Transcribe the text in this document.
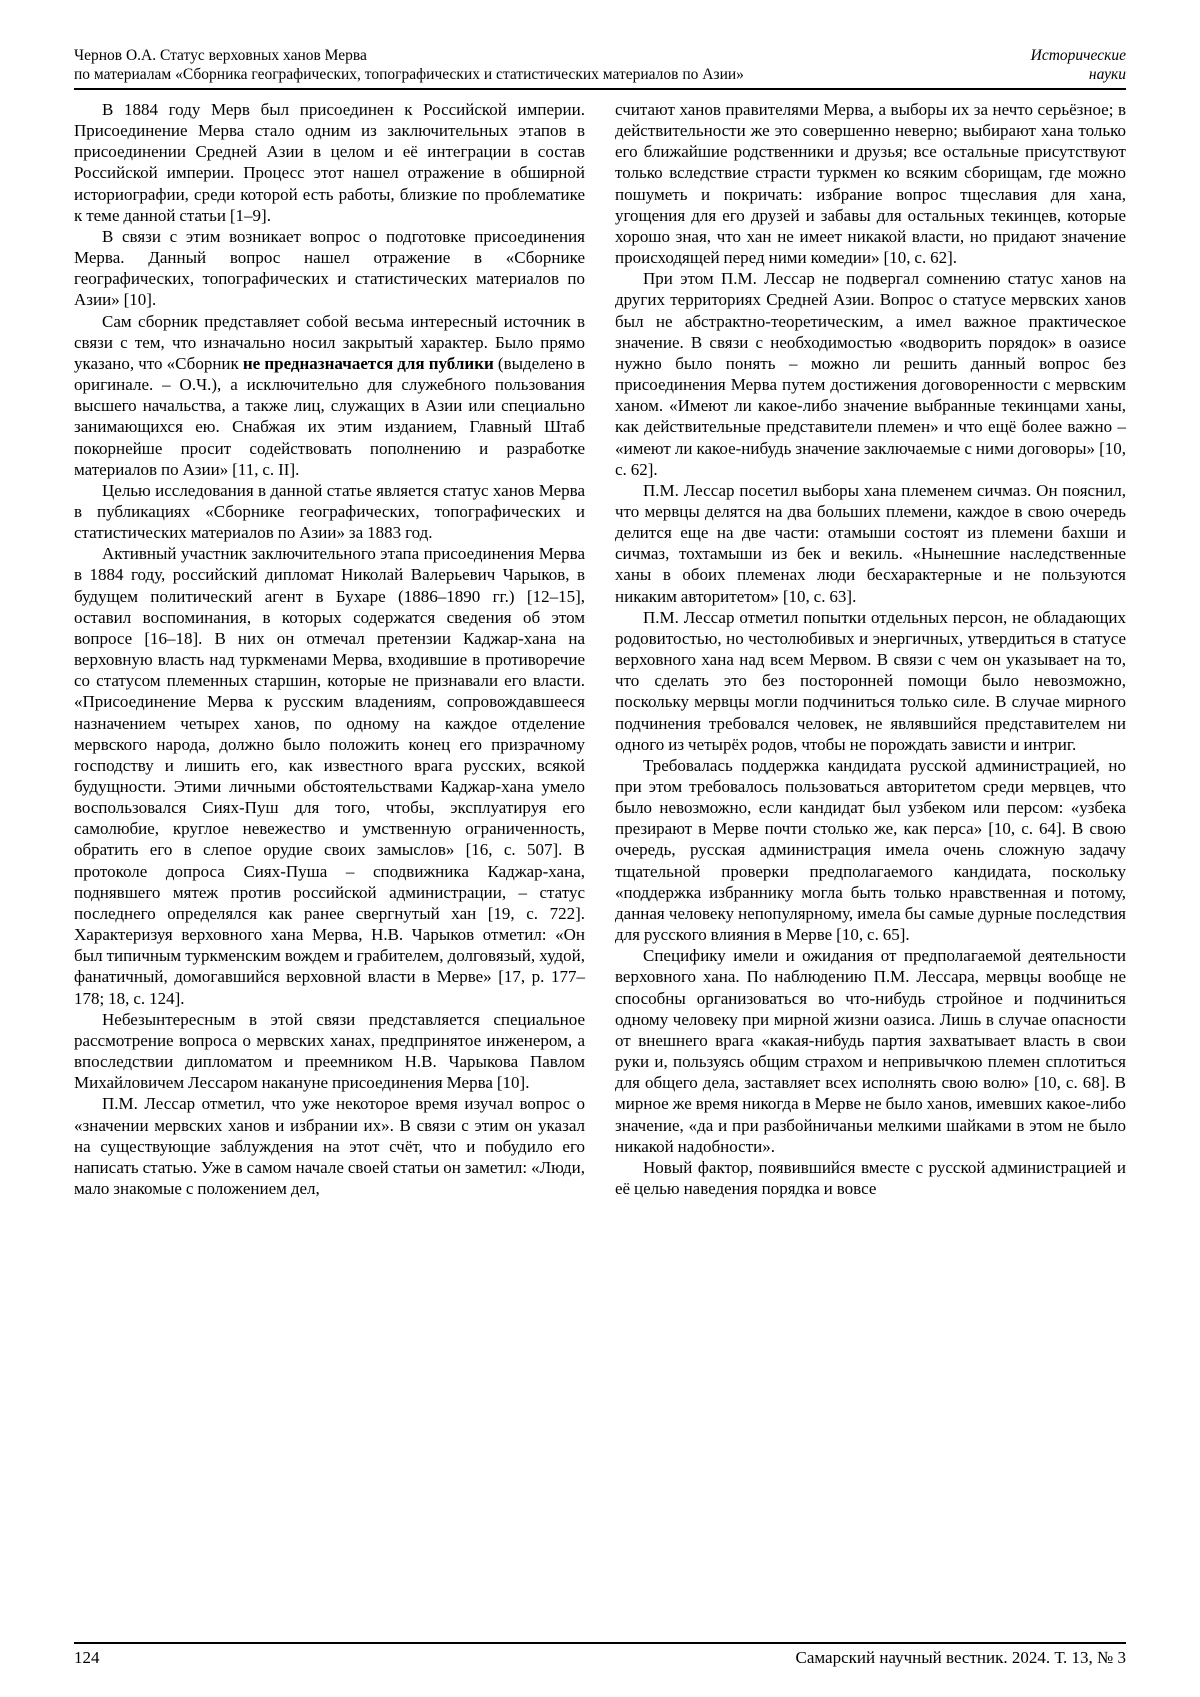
Чернов О.А. Статус верховных ханов Мерва
по материалам «Сборника географических, топографических и статистических материалов по Азии»
Исторические
науки

В 1884 году Мерв был присоединен к Российской империи. Присоединение Мерва стало одним из заключительных этапов в присоединении Средней Азии в целом и её интеграции в состав Российской империи. Процесс этот нашел отражение в обширной историографии, среди которой есть работы, близкие по проблематике к теме данной статьи [1–9].

В связи с этим возникает вопрос о подготовке присоединения Мерва. Данный вопрос нашел отражение в «Сборнике географических, топографических и статистических материалов по Азии» [10].

Сам сборник представляет собой весьма интересный источник в связи с тем, что изначально носил закрытый характер. Было прямо указано, что «Сборник не предназначается для публики (выделено в оригинале. – О.Ч.), а исключительно для служебного пользования высшего начальства, а также лиц, служащих в Азии или специально занимающихся ею. Снабжая их этим изданием, Главный Штаб покорнейше просит содействовать пополнению и разработке материалов по Азии» [11, с. II].

Целью исследования в данной статье является статус ханов Мерва в публикациях «Сборнике географических, топографических и статистических материалов по Азии» за 1883 год.

Активный участник заключительного этапа присоединения Мерва в 1884 году, российский дипломат Николай Валерьевич Чарыков, в будущем политический агент в Бухаре (1886–1890 гг.) [12–15], оставил воспоминания, в которых содержатся сведения об этом вопросе [16–18]. В них он отмечал претензии Каджар-хана на верховную власть над туркменами Мерва, входившие в противоречие со статусом племенных старшин, которые не признавали его власти. «Присоединение Мерва к русским владениям, сопровождавшееся назначением четырех ханов, по одному на каждое отделение мервского народа, должно было положить конец его призрачному господству и лишить его, как известного врага русских, всякой будущности. Этими личными обстоятельствами Каджар-хана умело воспользовался Сиях-Пуш для того, чтобы, эксплуатируя его самолюбие, круглое невежество и умственную ограниченность, обратить его в слепое орудие своих замыслов» [16, с. 507]. В протоколе допроса Сиях-Пуша – сподвижника Каджар-хана, поднявшего мятеж против российской администрации, – статус последнего определялся как ранее свергнутый хан [19, с. 722]. Характеризуя верховного хана Мерва, Н.В. Чарыков отметил: «Он был типичным туркменским вождем и грабителем, долговязый, худой, фанатичный, домогавшийся верховной власти в Мерве» [17, p. 177–178; 18, с. 124].

Небезынтересным в этой связи представляется специальное рассмотрение вопроса о мервских ханах, предпринятое инженером, а впоследствии дипломатом и преемником Н.В. Чарыкова Павлом Михайловичем Лессаром накануне присоединения Мерва [10].

П.М. Лессар отметил, что уже некоторое время изучал вопрос о «значении мервских ханов и избрании их». В связи с этим он указал на существующие заблуждения на этот счёт, что и побудило его написать статью. Уже в самом начале своей статьи он заметил: «Люди, мало знакомые с положением дел,

считают ханов правителями Мерва, а выборы их за нечто серьёзное; в действительности же это совершенно неверно; выбирают хана только его ближайшие родственники и друзья; все остальные присутствуют только вследствие страсти туркмен ко всяким сборищам, где можно пошуметь и покричать: избрание вопрос тщеславия для хана, угощения для его друзей и забавы для остальных текинцев, которые хорошо зная, что хан не имеет никакой власти, но придают значение происходящей перед ними комедии» [10, с. 62].

При этом П.М. Лессар не подвергал сомнению статус ханов на других территориях Средней Азии. Вопрос о статусе мервских ханов был не абстрактно-теоретическим, а имел важное практическое значение. В связи с необходимостью «водворить порядок» в оазисе нужно было понять – можно ли решить данный вопрос без присоединения Мерва путем достижения договоренности с мервским ханом. «Имеют ли какое-либо значение выбранные текинцами ханы, как действительные представители племен» и что ещё более важно – «имеют ли какое-нибудь значение заключаемые с ними договоры» [10, с. 62].

П.М. Лессар посетил выборы хана племенем сичмаз. Он пояснил, что мервцы делятся на два больших племени, каждое в свою очередь делится еще на две части: отамыши состоят из племени бахши и сичмаз, тохтамыши из бек и векиль. «Нынешние наследственные ханы в обоих племенах люди бесхарактерные и не пользуются никаким авторитетом» [10, с. 63].

П.М. Лессар отметил попытки отдельных персон, не обладающих родовитостью, но честолюбивых и энергичных, утвердиться в статусе верховного хана над всем Мервом. В связи с чем он указывает на то, что сделать это без посторонней помощи было невозможно, поскольку мервцы могли подчиниться только силе. В случае мирного подчинения требовался человек, не являвшийся представителем ни одного из четырёх родов, чтобы не порождать зависти и интриг.

Требовалась поддержка кандидата русской администрацией, но при этом требовалось пользоваться авторитетом среди мервцев, что было невозможно, если кандидат был узбеком или персом: «узбека презирают в Мерве почти столько же, как перса» [10, с. 64]. В свою очередь, русская администрация имела очень сложную задачу тщательной проверки предполагаемого кандидата, поскольку «поддержка избраннику могла быть только нравственная и потому, данная человеку непопулярному, имела бы самые дурные последствия для русского влияния в Мерве [10, с. 65].

Специфику имели и ожидания от предполагаемой деятельности верховного хана. По наблюдению П.М. Лессара, мервцы вообще не способны организоваться во что-нибудь стройное и подчиниться одному человеку при мирной жизни оазиса. Лишь в случае опасности от внешнего врага «какая-нибудь партия захватывает власть в свои руки и, пользуясь общим страхом и непривычкою племен сплотиться для общего дела, заставляет всех исполнять свою волю» [10, с. 68]. В мирное же время никогда в Мерве не было ханов, имевших какое-либо значение, «да и при разбойничаньи мелкими шайками в этом не было никакой надобности».

Новый фактор, появившийся вместе с русской администрацией и её целью наведения порядка и вовсе

124	Самарский научный вестник. 2024. Т. 13, № 3
